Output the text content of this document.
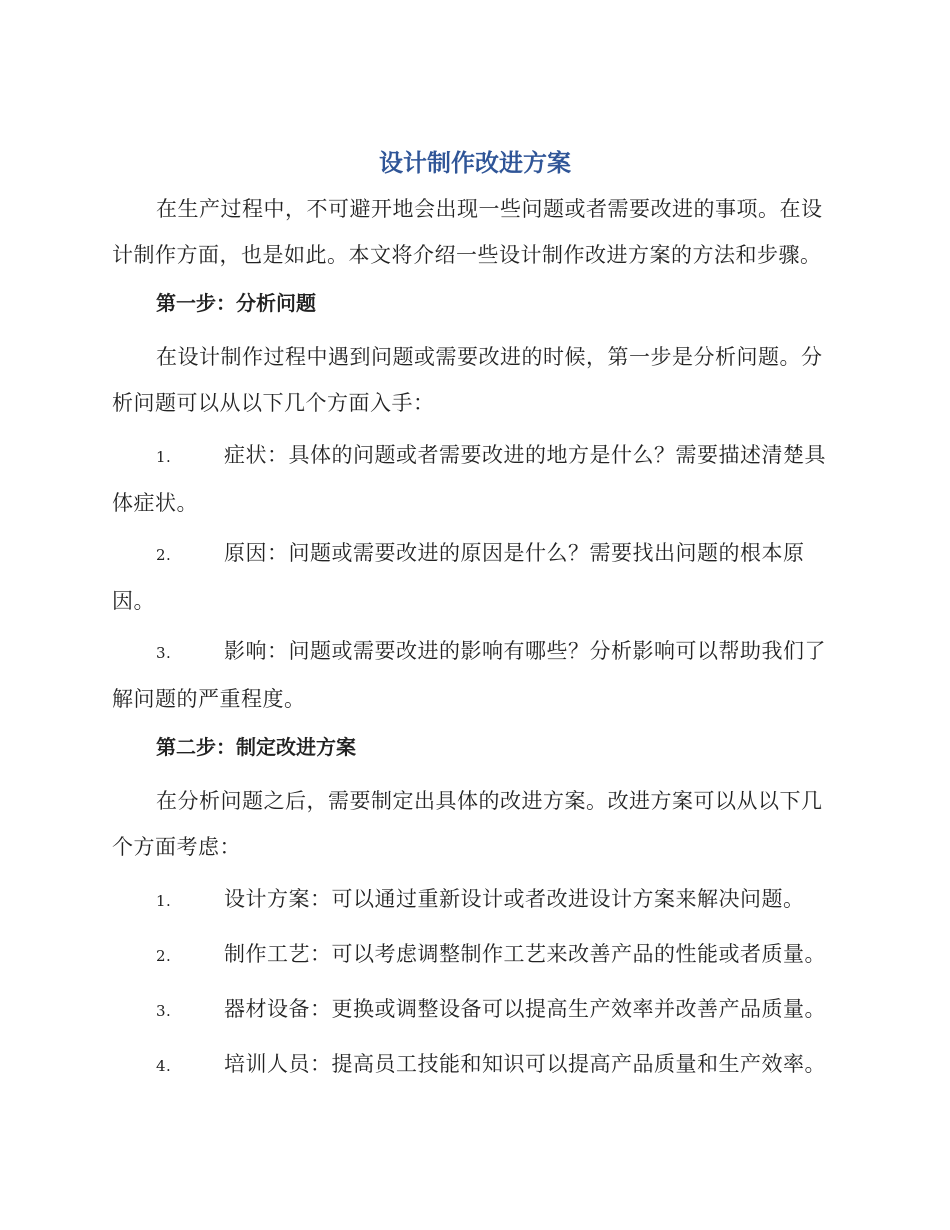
设计制作改进方案

在生产过程中，不可避开地会出现一些问题或者需要改进的事项。在设计制作方面，也是如此。本文将介绍一些设计制作改进方案的方法和步骤。

第一步：分析问题

在设计制作过程中遇到问题或需要改进的时候，第一步是分析问题。分析问题可以从以下几个方面入手：

1.	症状：具体的问题或者需要改进的地方是什么？需要描述清楚具体症状。

2.	原因：问题或需要改进的原因是什么？需要找出问题的根本原因。

3.	影响：问题或需要改进的影响有哪些？分析影响可以帮助我们了解问题的严重程度。

第二步：制定改进方案

在分析问题之后，需要制定出具体的改进方案。改进方案可以从以下几个方面考虑：

1.	设计方案：可以通过重新设计或者改进设计方案来解决问题。

2.	制作工艺：可以考虑调整制作工艺来改善产品的性能或者质量。

3.	器材设备：更换或调整设备可以提高生产效率并改善产品质量。

4.	培训人员：提高员工技能和知识可以提高产品质量和生产效率。
